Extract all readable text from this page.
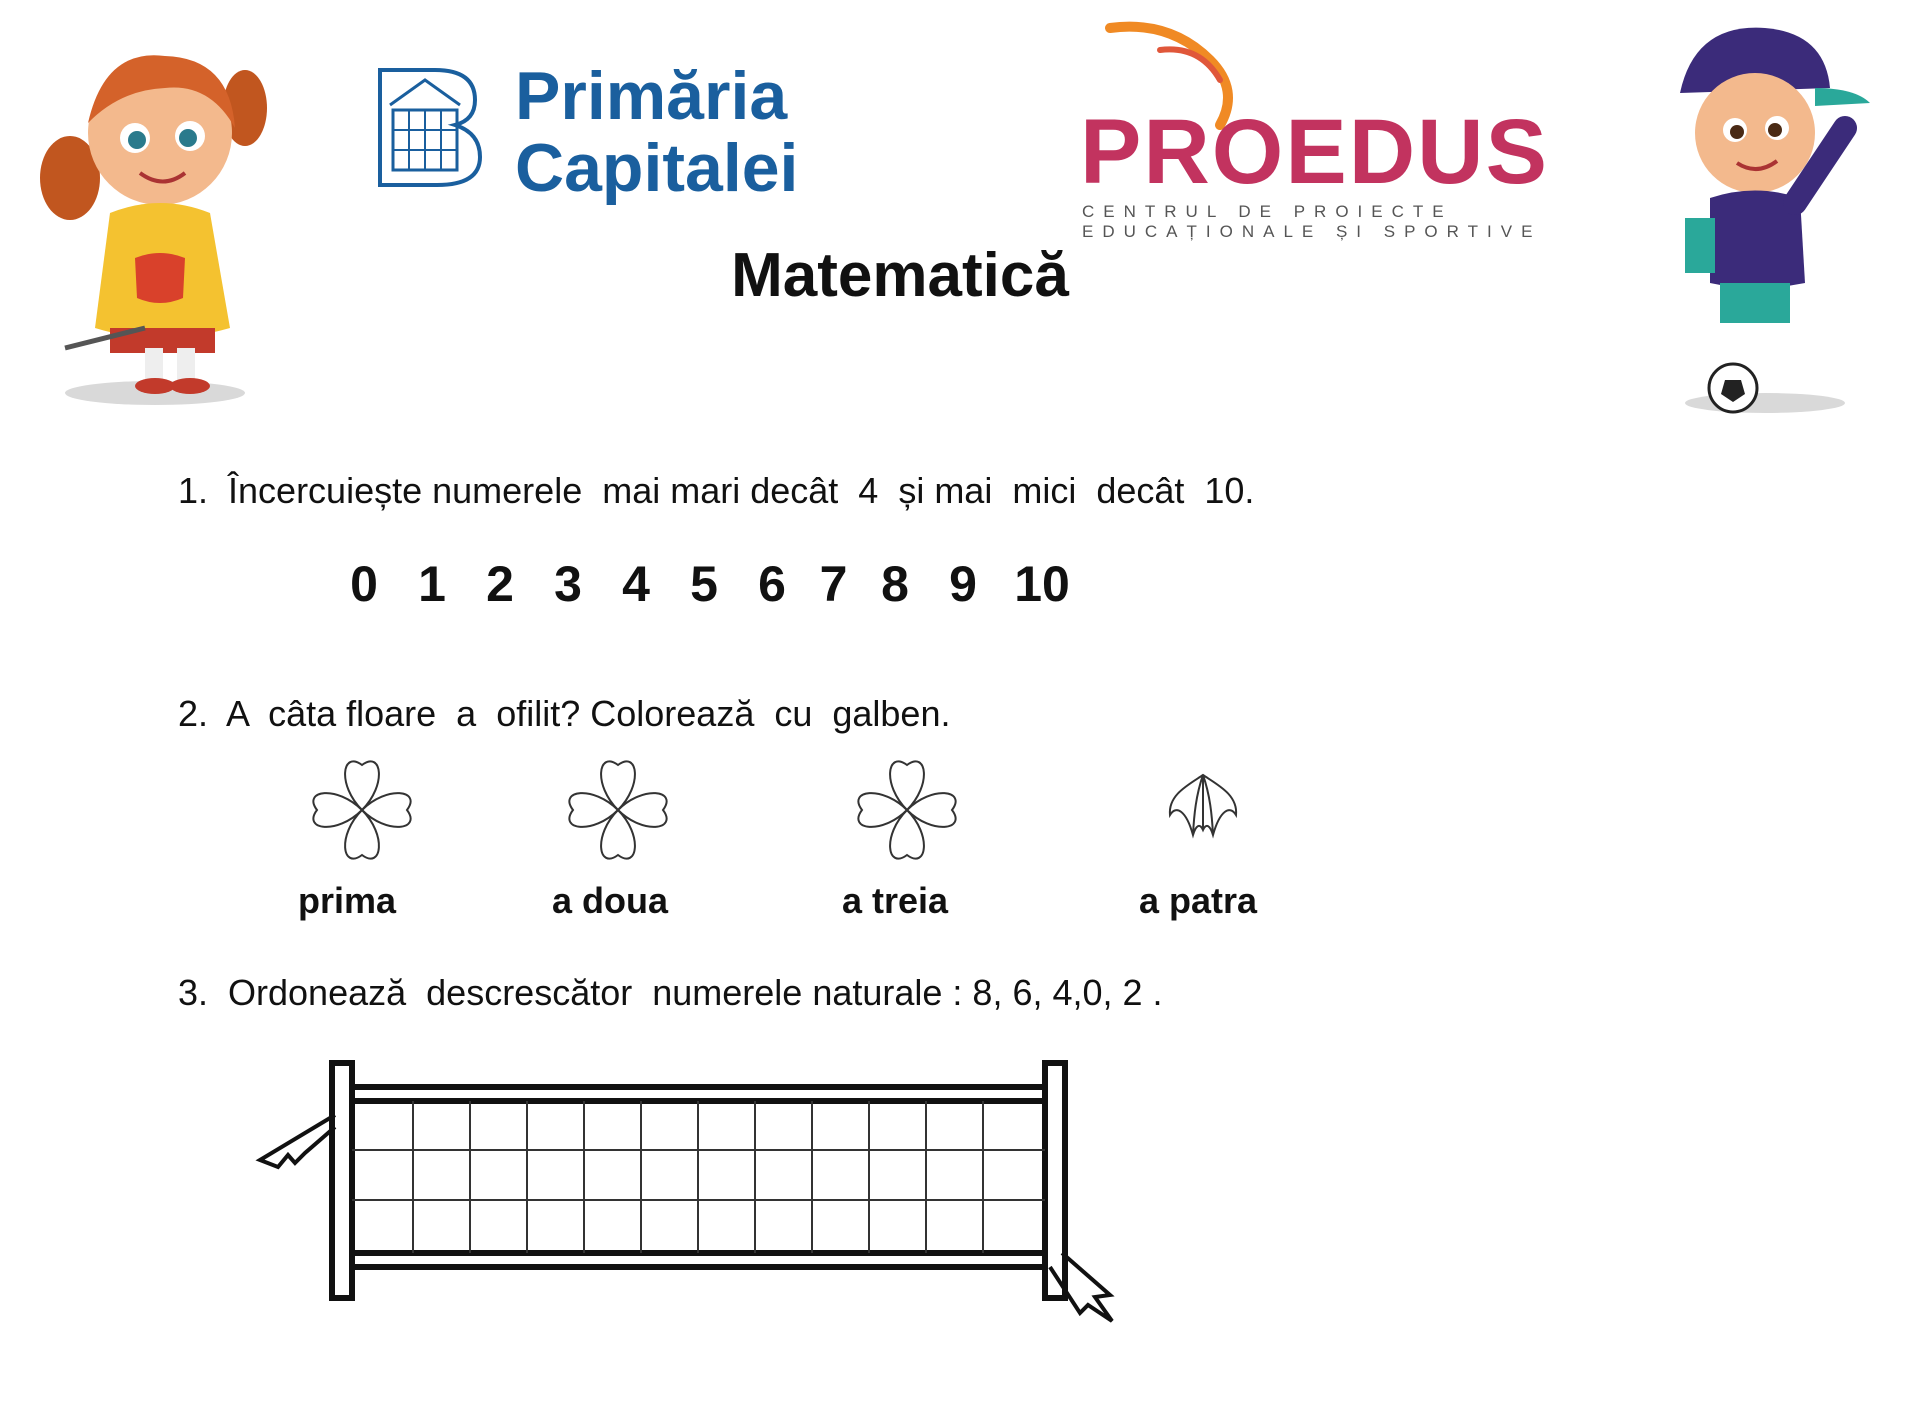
Primăria
Capitalei	PROEDUS
CENTRUL DE PROIECTE
EDUCAȚIONALE ȘI SPORTIVE
Matematică
1.  Încercuiește numerele  mai mari decât  4  și mai  mici  decât  10.
0 1 2 3 4 5 6 7 8 9 10
2.  A  câta floare  a  ofilit? Colorează  cu  galben.
prima	a doua	a treia	a patra
3.  Ordonează  descrescător  numerele naturale : 8, 6, 4,0, 2 .
